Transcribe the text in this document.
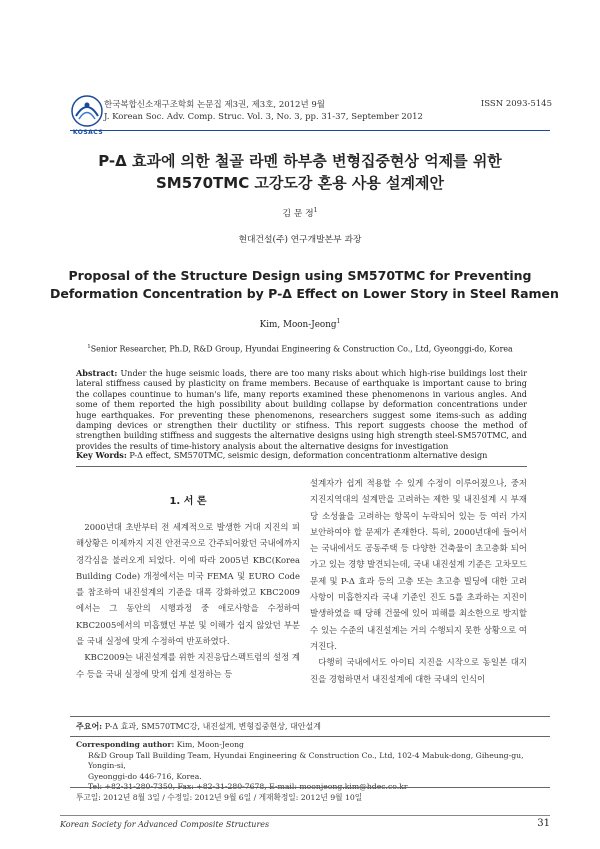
KOSACS
한국복합신소재구조학회 논문집 제3권, 제3호, 2012년 9월
J. Korean Soc. Adv. Comp. Struc. Vol. 3, No. 3, pp. 31-37, September 2012
ISSN 2093-5145
P-Δ 효과에 의한 철골 라멘 하부층 변형집중현상 억제를 위한
SM570TMC 고강도강 혼용 사용 설계제안
김 문 정$^1$
현대건설(주) 연구개발본부 과장
Proposal of the Structure Design using SM570TMC for Preventing
Deformation Concentration by P-Δ Effect on Lower Story in Steel Ramen
Kim, Moon-Jeong$^1$
$^1$Senior Researcher, Ph.D, R&D Group, Hyundai Engineering & Construction Co., Ltd, Gyeonggi-do, Korea
Abstract: Under the huge seismic loads, there are too many risks about which high-rise buildings lost their lateral stiffness caused by plasticity on frame members. Because of earthquake is important cause to bring the collapes countinue to human's life, many reports examined these phenomenons in various angles. And some of them reported the high possibility about building collapse by deformation concentrations under huge earthquakes. For preventing these phenomenons, researchers suggest some items-such as adding damping devices or strengthen their ductility or stifness. This report suggests choose the method of strengthen building stiffness and suggests the alternative designs using high strength steel-SM570TMC, and provides the results of time-history analysis about the alternative designs for investigation
Key Words: P-Δ effect, SM570TMC, seismic design, deformation concentrationm alternative design
1. 서 론

2000년대 초반부터 전 세계적으로 발생한 거대 지진의 피해상황은 이제까지 지진 안전국으로 간주되어왔던 국내에까지 경각심을 불러오게 되었다. 이에 따라 2005년 KBC(Korea Building Code) 개정에서는 미국 FEMA 및 EURO Code를 참조하여 내진설계의 기준을 대폭 강화하였고 KBC2009에서는 그 동안의 시행과정 중 애로사항을 수정하여 KBC2005에서의 미흡했던 부분 및 이해가 쉽지 않았던 부분을 국내 실정에 맞게 수정하여 반포하였다.

KBC2009는 내진설계를 위한 지진응답스펙트럼의 설정 계수 등을 국내 실정에 맞게 쉽게 설정하는 등

설계자가 쉽게 적용할 수 있게 수정이 이루어졌으나, 중저 지진지역대의 설계만을 고려하는 제한 및 내진설계 시 부재 당 소성율을 고려하는 항목이 누락되어 있는 등 여러 가지 보안하여야 할 문제가 존재한다. 특히, 2000년대에 들어서는 국내에서도 공동주택 등 다양한 건축물이 초고층화 되어가고 있는 경향 발견되는데, 국내 내진설계 기준은 고차모드 문제 및 P-Δ 효과 등의 고층 또는 초고층 빌딩에 대한 고려 사항이 미흡한지라 국내 기준인 진도 5를 초과하는 지진이 발생하였을 때 당해 건물에 있어 피해를 최소한으로 방지할 수 있는 수준의 내진설계는 거의 수행되지 못한 상황으로 여겨진다.

다행히 국내에서도 아이티 지진을 시작으로 동일본 대지진을 경험하면서 내진설계에 대한 국내의 인식이

주요어: P-Δ 효과, SM570TMC강, 내진설계, 변형집중현상, 대안설계
Corresponding author: Kim, Moon-Jeong
R&D Group Tall Building Team, Hyundai Engineering & Construction Co., Ltd, 102-4 Mabuk-dong, Giheung-gu, Yongin-si,
Gyeonggi-do 446-716, Korea.
Tel: +82-31-280-7350, Fax: +82-31-280-7678, E-mail: moonjeong.kim@hdec.co.kr
투고일: 2012년 8월 3일 / 수정일: 2012년 9월 6일 / 게재확정일: 2012년 9월 10일
Korean Society for Advanced Composite Structures	31
